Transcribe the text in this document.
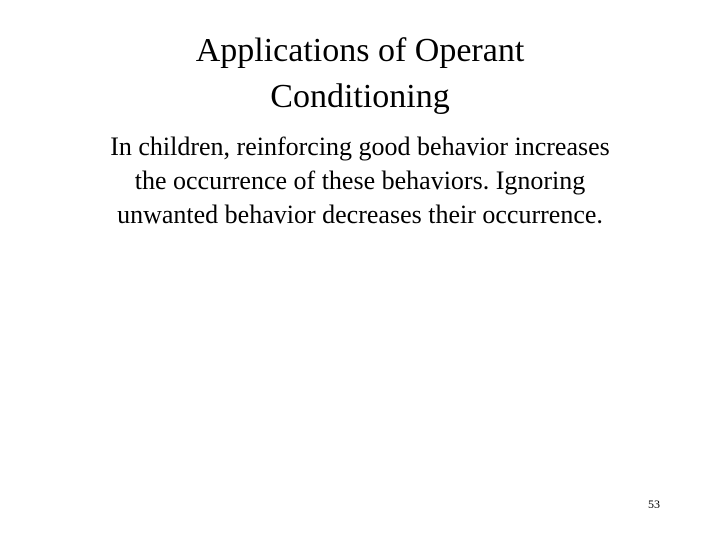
Applications of Operant
Conditioning

In children, reinforcing good behavior increases
the occurrence of these behaviors. Ignoring
unwanted behavior decreases their occurrence.

53
